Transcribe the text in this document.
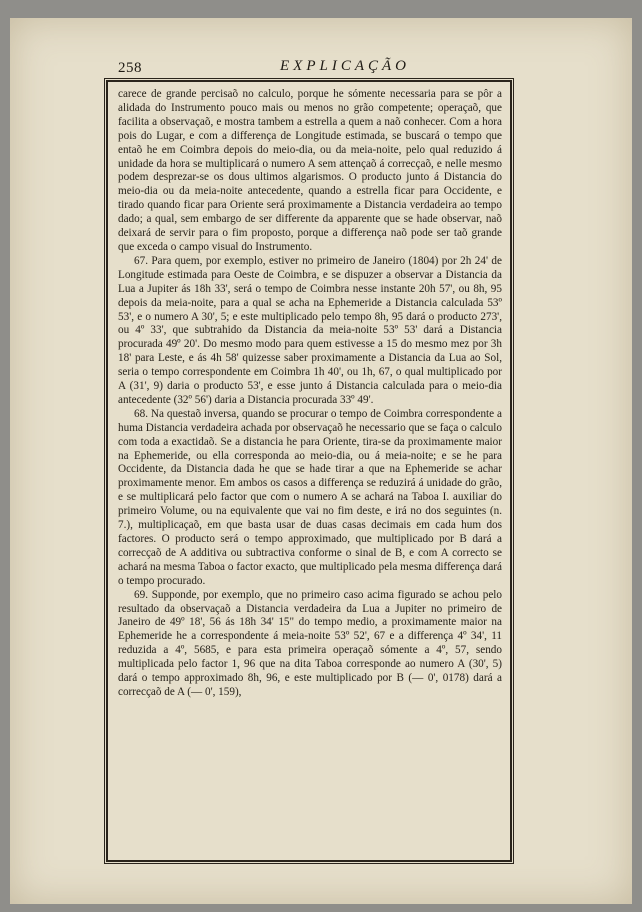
258	EXPLICAÇÃO

carece de grande percisaõ no calculo, porque he sómente necessaria para se pôr a alidada do Instrumento pouco mais ou menos no grão competente; operaçaõ, que facilita a observaçaõ, e mostra tambem a estrella a quem a naõ conhecer. Com a hora pois do Lugar, e com a differença de Longitude estimada, se buscará o tempo que entaõ he em Coimbra depois do meio-dia, ou da meia-noite, pelo qual reduzido á unidade da hora se multiplicará o numero A sem attençaõ á correcçaõ, e nelle mesmo podem desprezar-se os dous ultimos algarismos. O producto junto á Distancia do meio-dia ou da meia-noite antecedente, quando a estrella ficar para Occidente, e tirado quando ficar para Oriente será proximamente a Distancia verdadeira ao tempo dado; a qual, sem embargo de ser differente da apparente que se hade observar, naõ deixará de servir para o fim proposto, porque a differença naõ pode ser taõ grande que exceda o campo visual do Instrumento.

67. Para quem, por exemplo, estiver no primeiro de Janeiro (1804) por 2h 24' de Longitude estimada para Oeste de Coimbra, e se dispuzer a observar a Distancia da Lua a Jupiter ás 18h 33', será o tempo de Coimbra nesse instante 20h 57', ou 8h, 95 depois da meia-noite, para a qual se acha na Ephemeride a Distancia calculada 53º 53', e o numero A 30', 5; e este multiplicado pelo tempo 8h, 95 dará o producto 273', ou 4º 33', que subtrahido da Distancia da meia-noite 53º 53' dará a Distancia procurada 49º 20'. Do mesmo modo para quem estivesse a 15 do mesmo mez por 3h 18' para Leste, e ás 4h 58' quizesse saber proximamente a Distancia da Lua ao Sol, seria o tempo correspondente em Coimbra 1h 40', ou 1h, 67, o qual multiplicado por A (31', 9) daria o producto 53', e esse junto á Distancia calculada para o meio-dia antecedente (32º 56') daria a Distancia procurada 33º 49'.

68. Na questaõ inversa, quando se procurar o tempo de Coimbra correspondente a huma Distancia verdadeira achada por observaçaõ he necessario que se faça o calculo com toda a exactidaõ. Se a distancia he para Oriente, tira-se da proximamente maior na Ephemeride, ou ella corresponda ao meio-dia, ou á meia-noite; e se he para Occidente, da Distancia dada he que se hade tirar a que na Ephemeride se achar proximamente menor. Em ambos os casos a differença se reduzirá á unidade do grão, e se multiplicará pelo factor que com o numero A se achará na Taboa I. auxiliar do primeiro Volume, ou na equivalente que vai no fim deste, e irá no dos seguintes (n. 7.), multiplicaçaõ, em que basta usar de duas casas decimais em cada hum dos factores. O producto será o tempo approximado, que multiplicado por B dará a correcçaõ de A additiva ou subtractiva conforme o sinal de B, e com A correcto se achará na mesma Taboa o factor exacto, que multiplicado pela mesma differença dará o tempo procurado.

69. Supponde, por exemplo, que no primeiro caso acima figurado se achou pelo resultado da observaçaõ a Distancia verdadeira da Lua a Jupiter no primeiro de Janeiro de 49º 18', 56 ás 18h 34' 15" do tempo medio, a proximamente maior na Ephemeride he a correspondente á meia-noite 53º 52', 67 e a differença 4º 34', 11 reduzida a 4º, 5685, e para esta primeira operaçaõ sómente a 4º, 57, sendo multiplicada pelo factor 1, 96 que na dita Taboa corresponde ao numero A (30', 5) dará o tempo approximado 8h, 96, e este multiplicado por B (— 0', 0178) dará a correcçaõ de A (— 0', 159),
